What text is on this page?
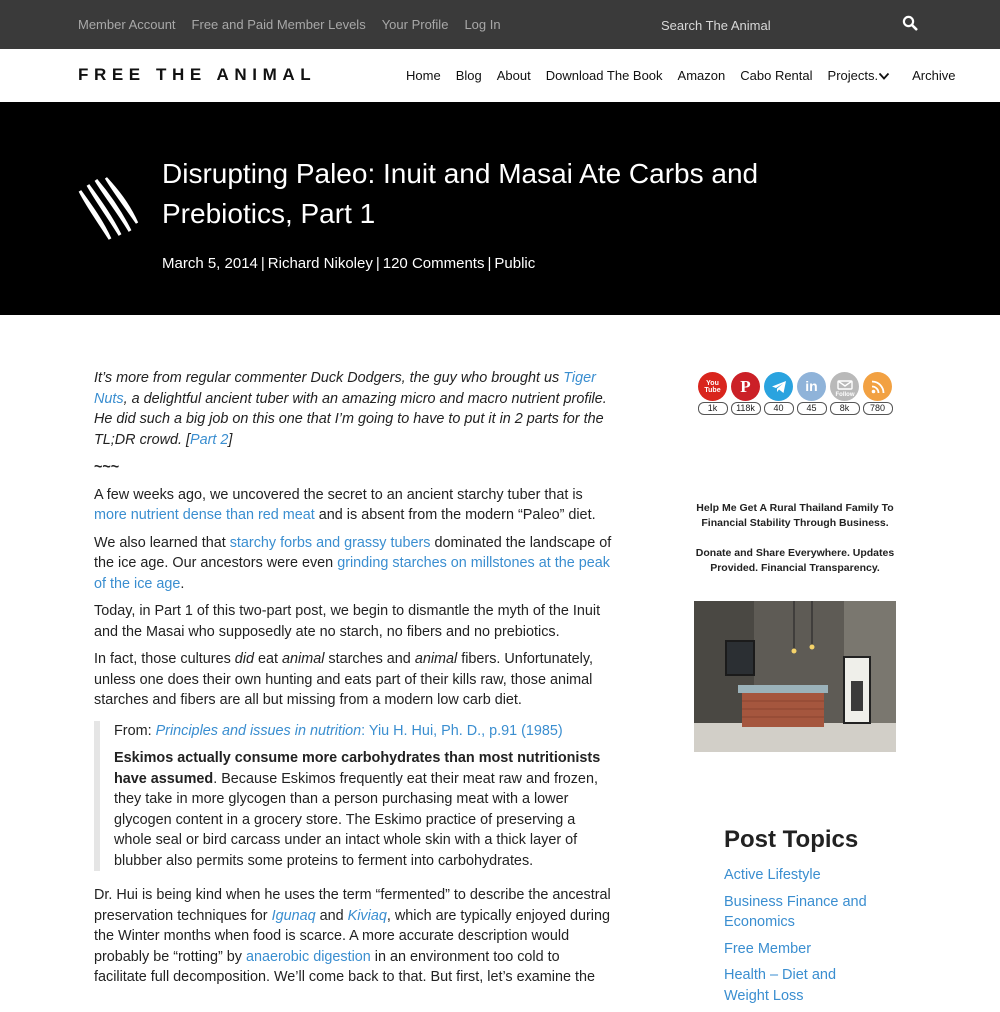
Member Account Free and Paid Member Levels Your Profile Log In
Search The Animal
FREE THE ANIMAL	Home Blog About Download The Book Amazon Cabo Rental Projects.	Archive
Disrupting Paleo: Inuit and Masai Ate Carbs and Prebiotics, Part 1
March 5, 2014 | Richard Nikoley | 120 Comments | Public

It’s more from regular commenter Duck Dodgers, the guy who brought us Tiger Nuts, a delightful ancient tuber with an amazing micro and macro nutrient profile. He did such a big job on this one that I’m going to have to put it in 2 parts for the TL;DR crowd. [Part 2]

~~~

A few weeks ago, we uncovered the secret to an ancient starchy tuber that is more nutrient dense than red meat and is absent from the modern “Paleo” diet.

We also learned that starchy forbs and grassy tubers dominated the landscape of the ice age. Our ancestors were even grinding starches on millstones at the peak of the ice age.

Today, in Part 1 of this two-part post, we begin to dismantle the myth of the Inuit and the Masai who supposedly ate no starch, no fibers and no prebiotics.

In fact, those cultures did eat animal starches and animal fibers. Unfortunately, unless one does their own hunting and eats part of their kills raw, those animal starches and fibers are all but missing from a modern low carb diet.

From: Principles and issues in nutrition: Yiu H. Hui, Ph. D., p.91 (1985)

Eskimos actually consume more carbohydrates than most nutritionists have assumed. Because Eskimos frequently eat their meat raw and frozen, they take in more glycogen than a person purchasing meat with a lower glycogen content in a grocery store. The Eskimo practice of preserving a whole seal or bird carcass under an intact whole skin with a thick layer of blubber also permits some proteins to ferment into carbohydrates.

Dr. Hui is being kind when he uses the term “fermented” to describe the ancestral preservation techniques for Igunaq and Kiviaq, which are typically enjoyed during the Winter months when food is scarce. A more accurate description would probably be “rotting” by anaerobic digestion in an environment too cold to facilitate full decomposition. We’ll come back to that. But first, let’s examine the

You
Tube
1k
P
118k	40
in
45
Follow
8k	780

Help Me Get A Rural Thailand Family To Financial Stability Through Business.

Donate and Share Everywhere. Updates Provided. Financial Transparency.

Post Topics
Active Lifestyle
Business Finance and Economics
Free Member
Health – Diet and Weight Loss
